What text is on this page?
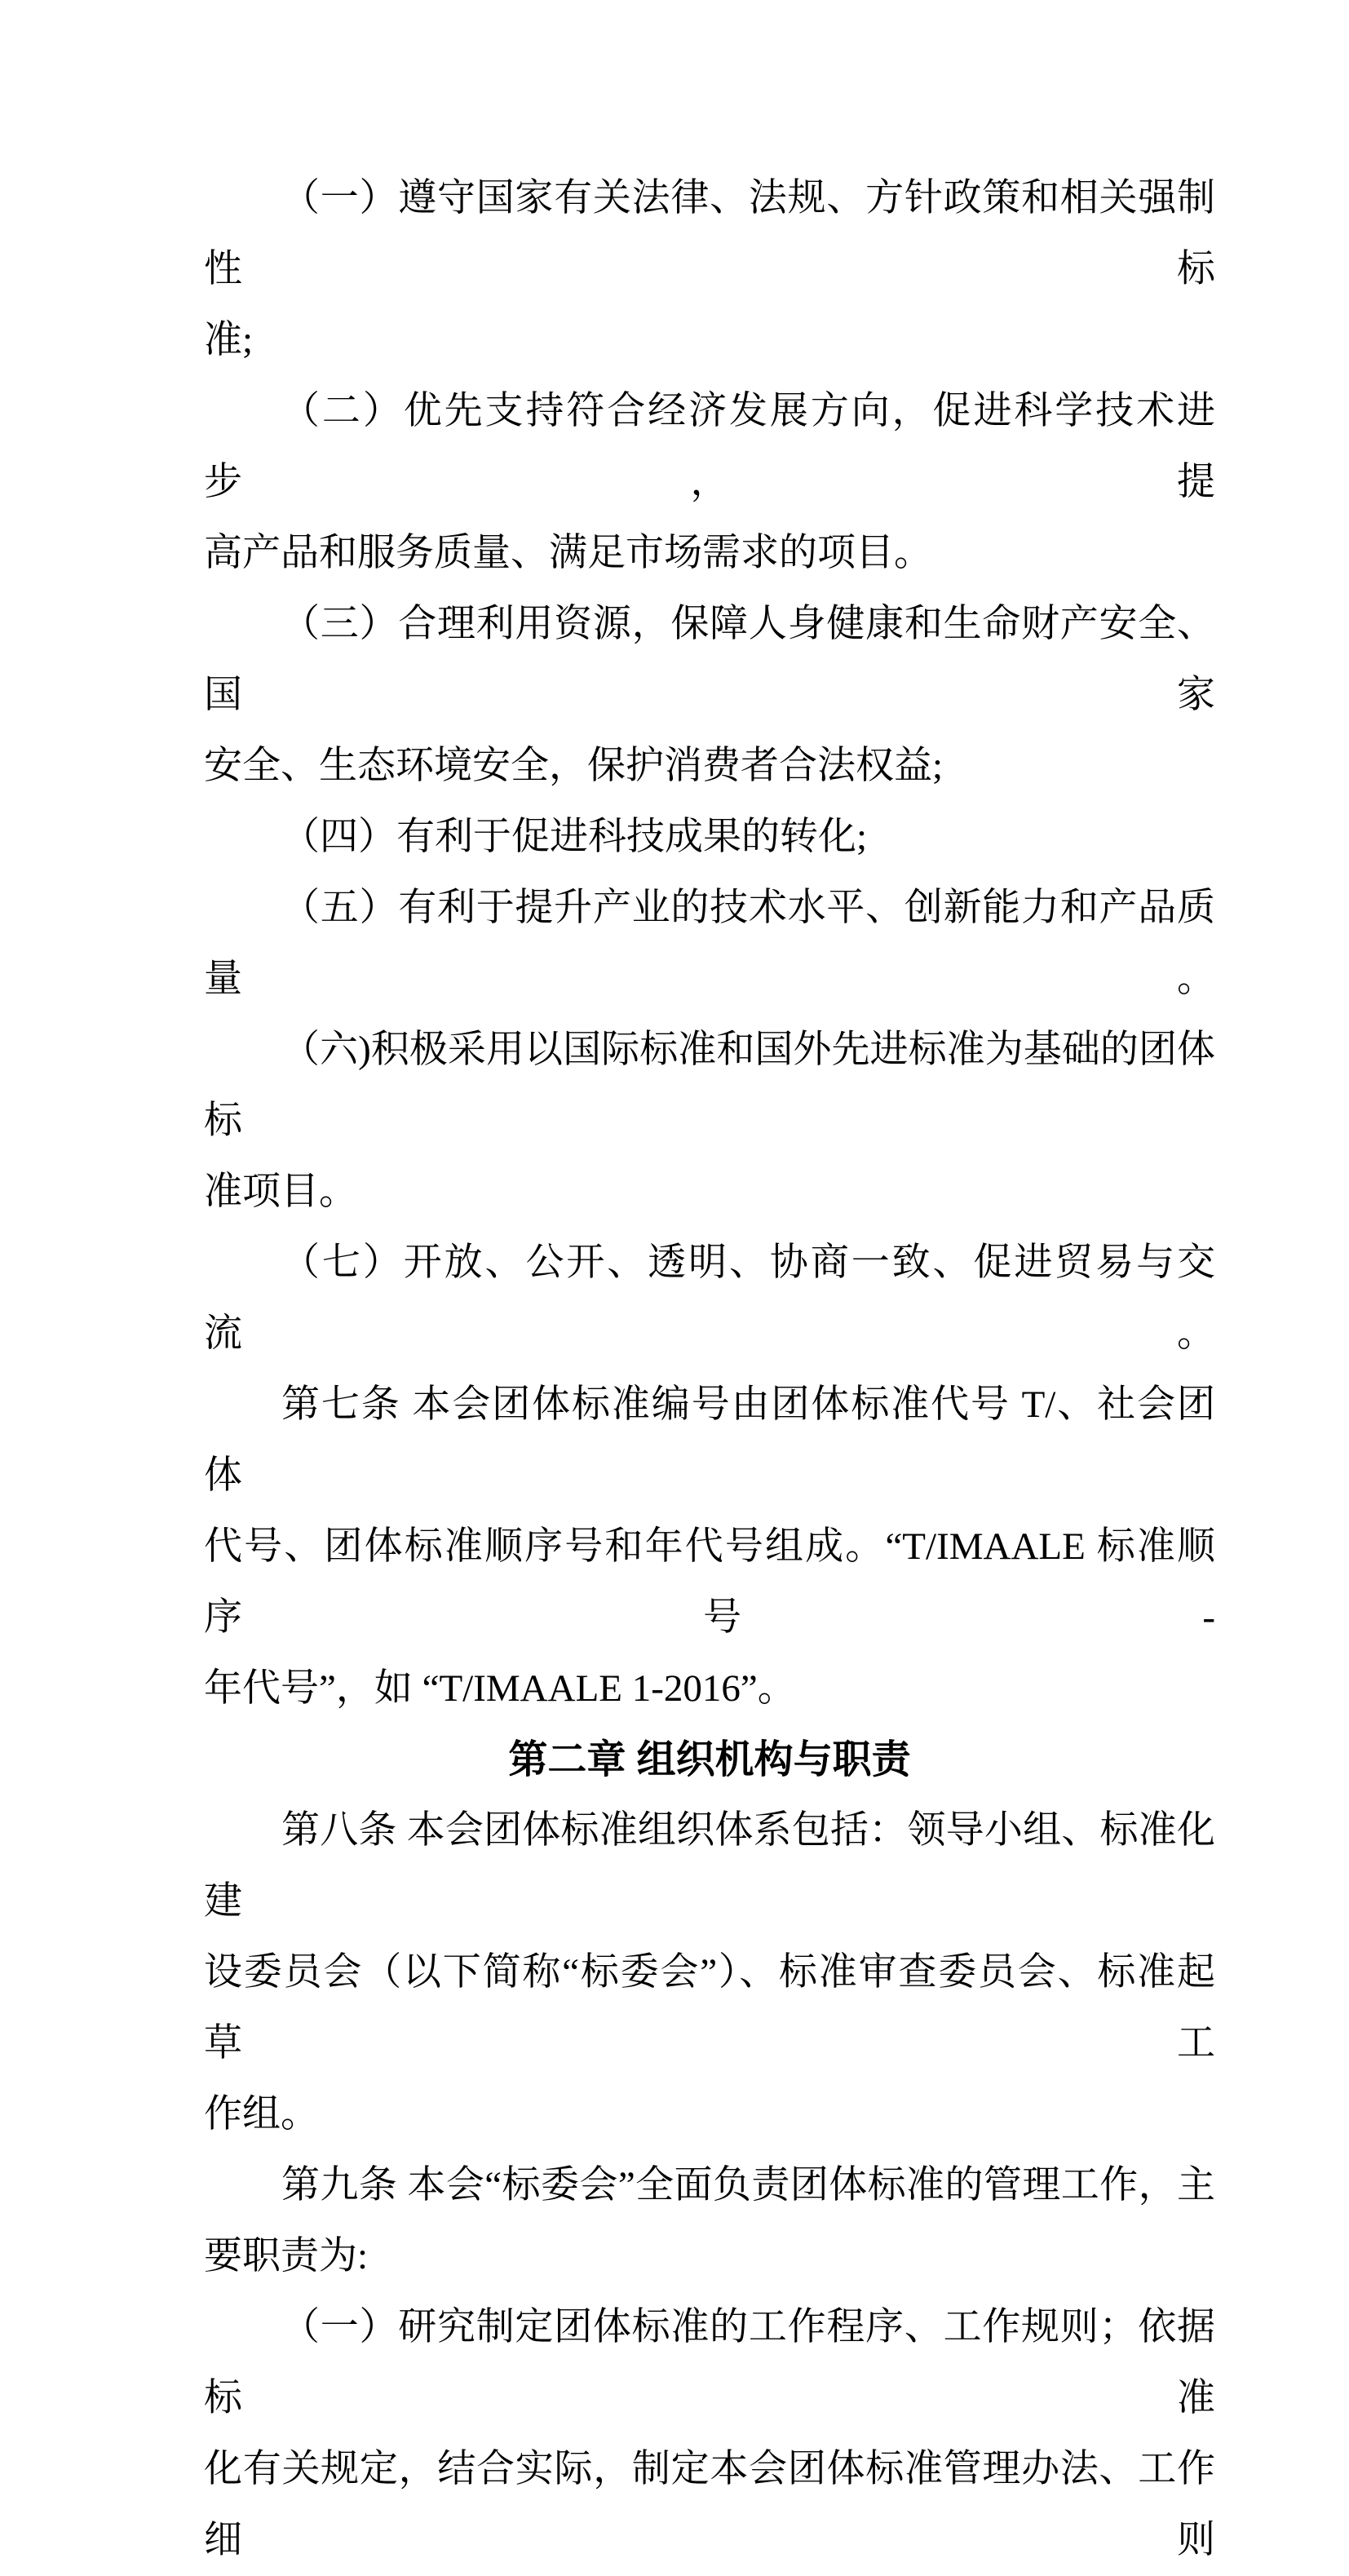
（一）遵守国家有关法律、法规、方针政策和相关强制性标
准;
（二）优先支持符合经济发展方向，促进科学技术进步，提
高产品和服务质量、满足市场需求的项目。
（三）合理利用资源，保障人身健康和生命财产安全、国家
安全、生态环境安全，保护消费者合法权益;
（四）有利于促进科技成果的转化;
（五）有利于提升产业的技术水平、创新能力和产品质量。
（六)积极采用以国际标准和国外先进标准为基础的团体标
准项目。
（七）开放、公开、透明、协商一致、促进贸易与交流。
第七条 本会团体标准编号由团体标准代号 T/、社会团体
代号、团体标准顺序号和年代号组成。“T/IMAALE 标准顺序号-
年代号”，如 “T/IMAALE 1-2016”。
第二章 组织机构与职责
第八条 本会团体标准组织体系包括：领导小组、标准化建
设委员会（以下简称“标委会”）、标准审查委员会、标准起草工
作组。
第九条 本会“标委会”全面负责团体标准的管理工作，主
要职责为:
（一）研究制定团体标准的工作程序、工作规则；依据标准
化有关规定，结合实际，制定本会团体标准管理办法、工作细则
